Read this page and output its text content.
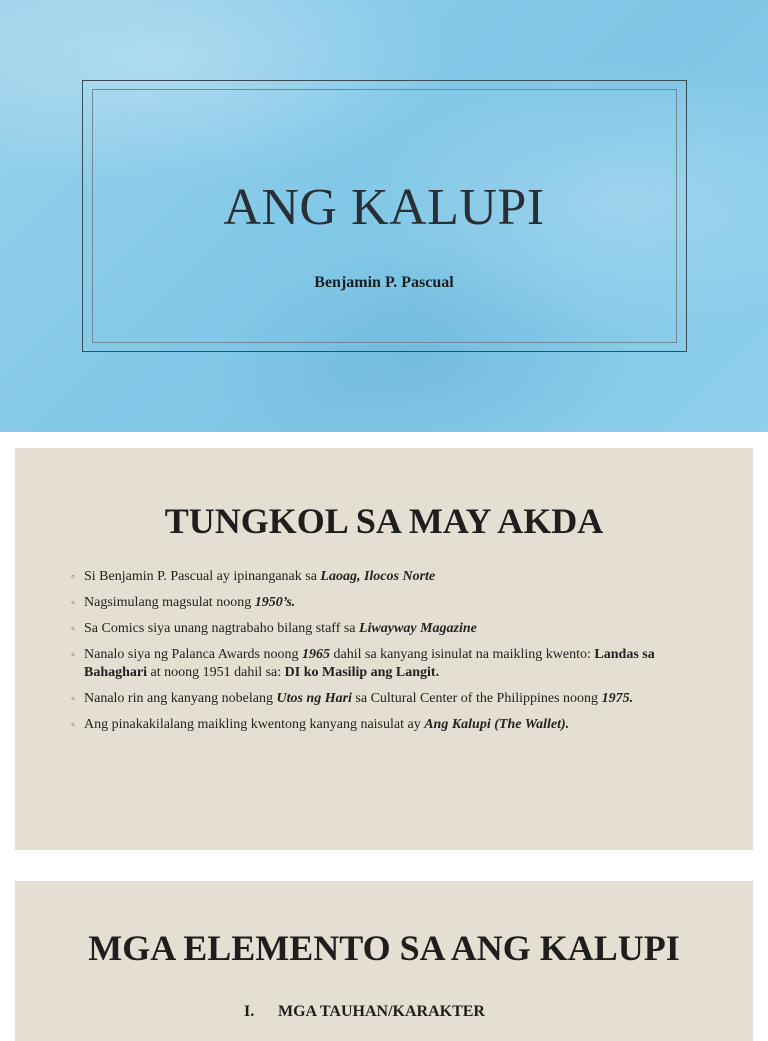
ANG KALUPI
Benjamin P. Pascual
TUNGKOL SA MAY AKDA
◦ Si Benjamin P. Pascual ay ipinanganak sa Laoag, Ilocos Norte
◦ Nagsimulang magsulat noong 1950’s.
◦ Sa Comics siya unang nagtrabaho bilang staff sa Liwayway Magazine
◦ Nanalo siya ng Palanca Awards noong 1965 dahil sa kanyang isinulat na maikling kwento: Landas sa Bahaghari at noong 1951 dahil sa: DI ko Masilip ang Langit.
◦ Nanalo rin ang kanyang nobelang Utos ng Hari sa Cultural Center of the Philippines noong 1975.
◦ Ang pinakakilalang maikling kwentong kanyang naisulat ay Ang Kalupi (The Wallet).
MGA ELEMENTO SA ANG KALUPI
I. MGA TAUHAN/KARAKTER
